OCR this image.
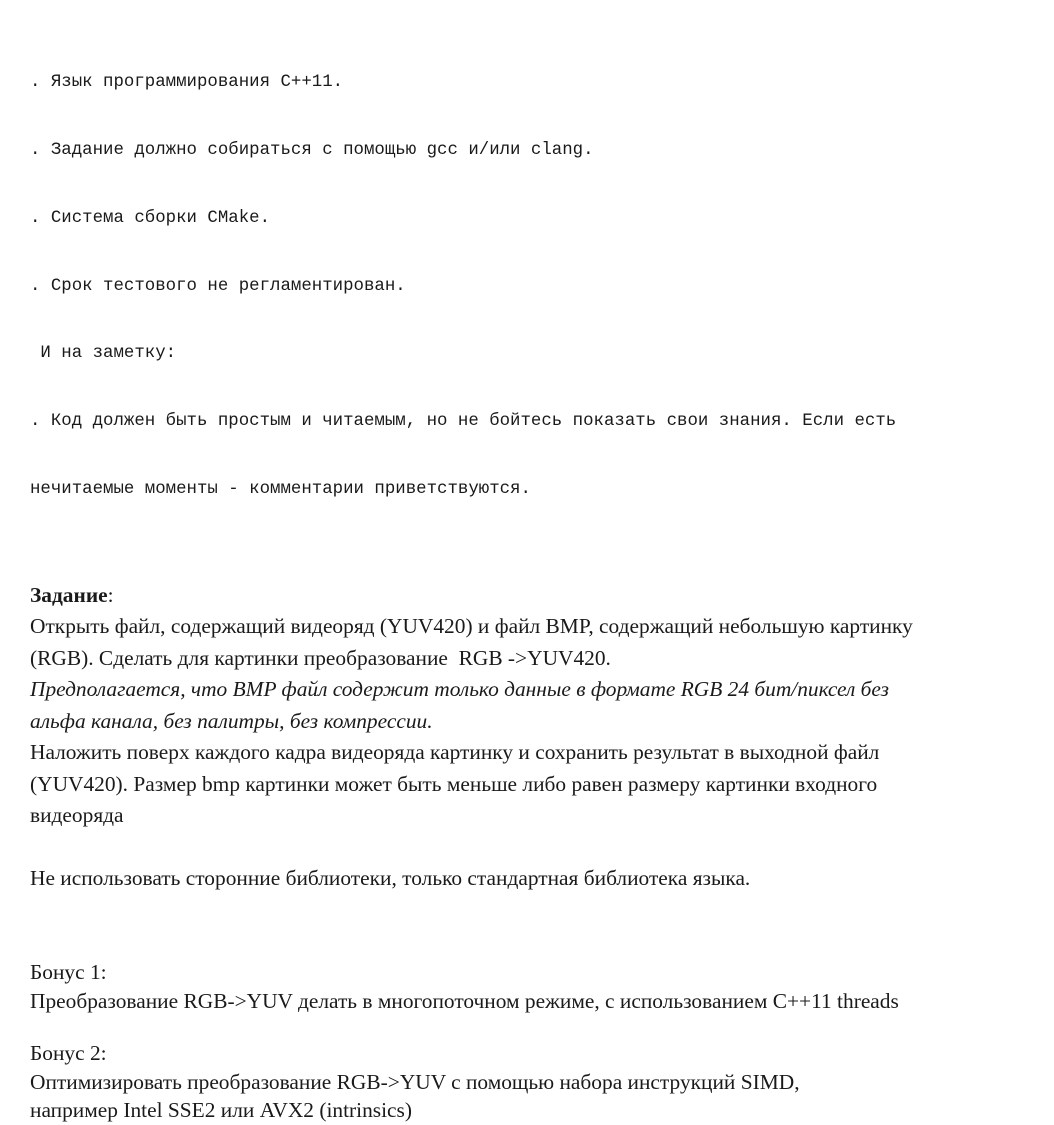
. Язык программирования C++11.

. Задание должно собираться с помощью gcc и/или clang.

. Система сборки CMake.

. Срок тестового не регламентирован.

И на заметку:

. Код должен быть простым и читаемым, но не бойтесь показать свои знания. Если есть

нечитаемые моменты - комментарии приветствуются.

Задание:
Открыть файл, содержащий видеоряд (YUV420) и файл BMP, содержащий небольшую картинку
(RGB). Сделать для картинки преобразование  RGB ->YUV420.
Предполагается, что BMP файл содержит только данные в формате RGB 24 бит/пиксел без
альфа канала, без палитры, без компрессии.
Наложить поверх каждого кадра видеоряда картинку и сохранить результат в выходной файл
(YUV420). Размер bmp картинки может быть меньше либо равен размеру картинки входного
видеоряда
Не использовать сторонние библиотеки, только стандартная библиотека языка.
Бонус 1:
Преобразование RGB->YUV делать в многопоточном режиме, с использованием C++11 threads
Бонус 2:
Оптимизировать преобразование RGB->YUV с помощью набора инструкций SIMD,
например Intel SSE2 или AVX2 (intrinsics)
